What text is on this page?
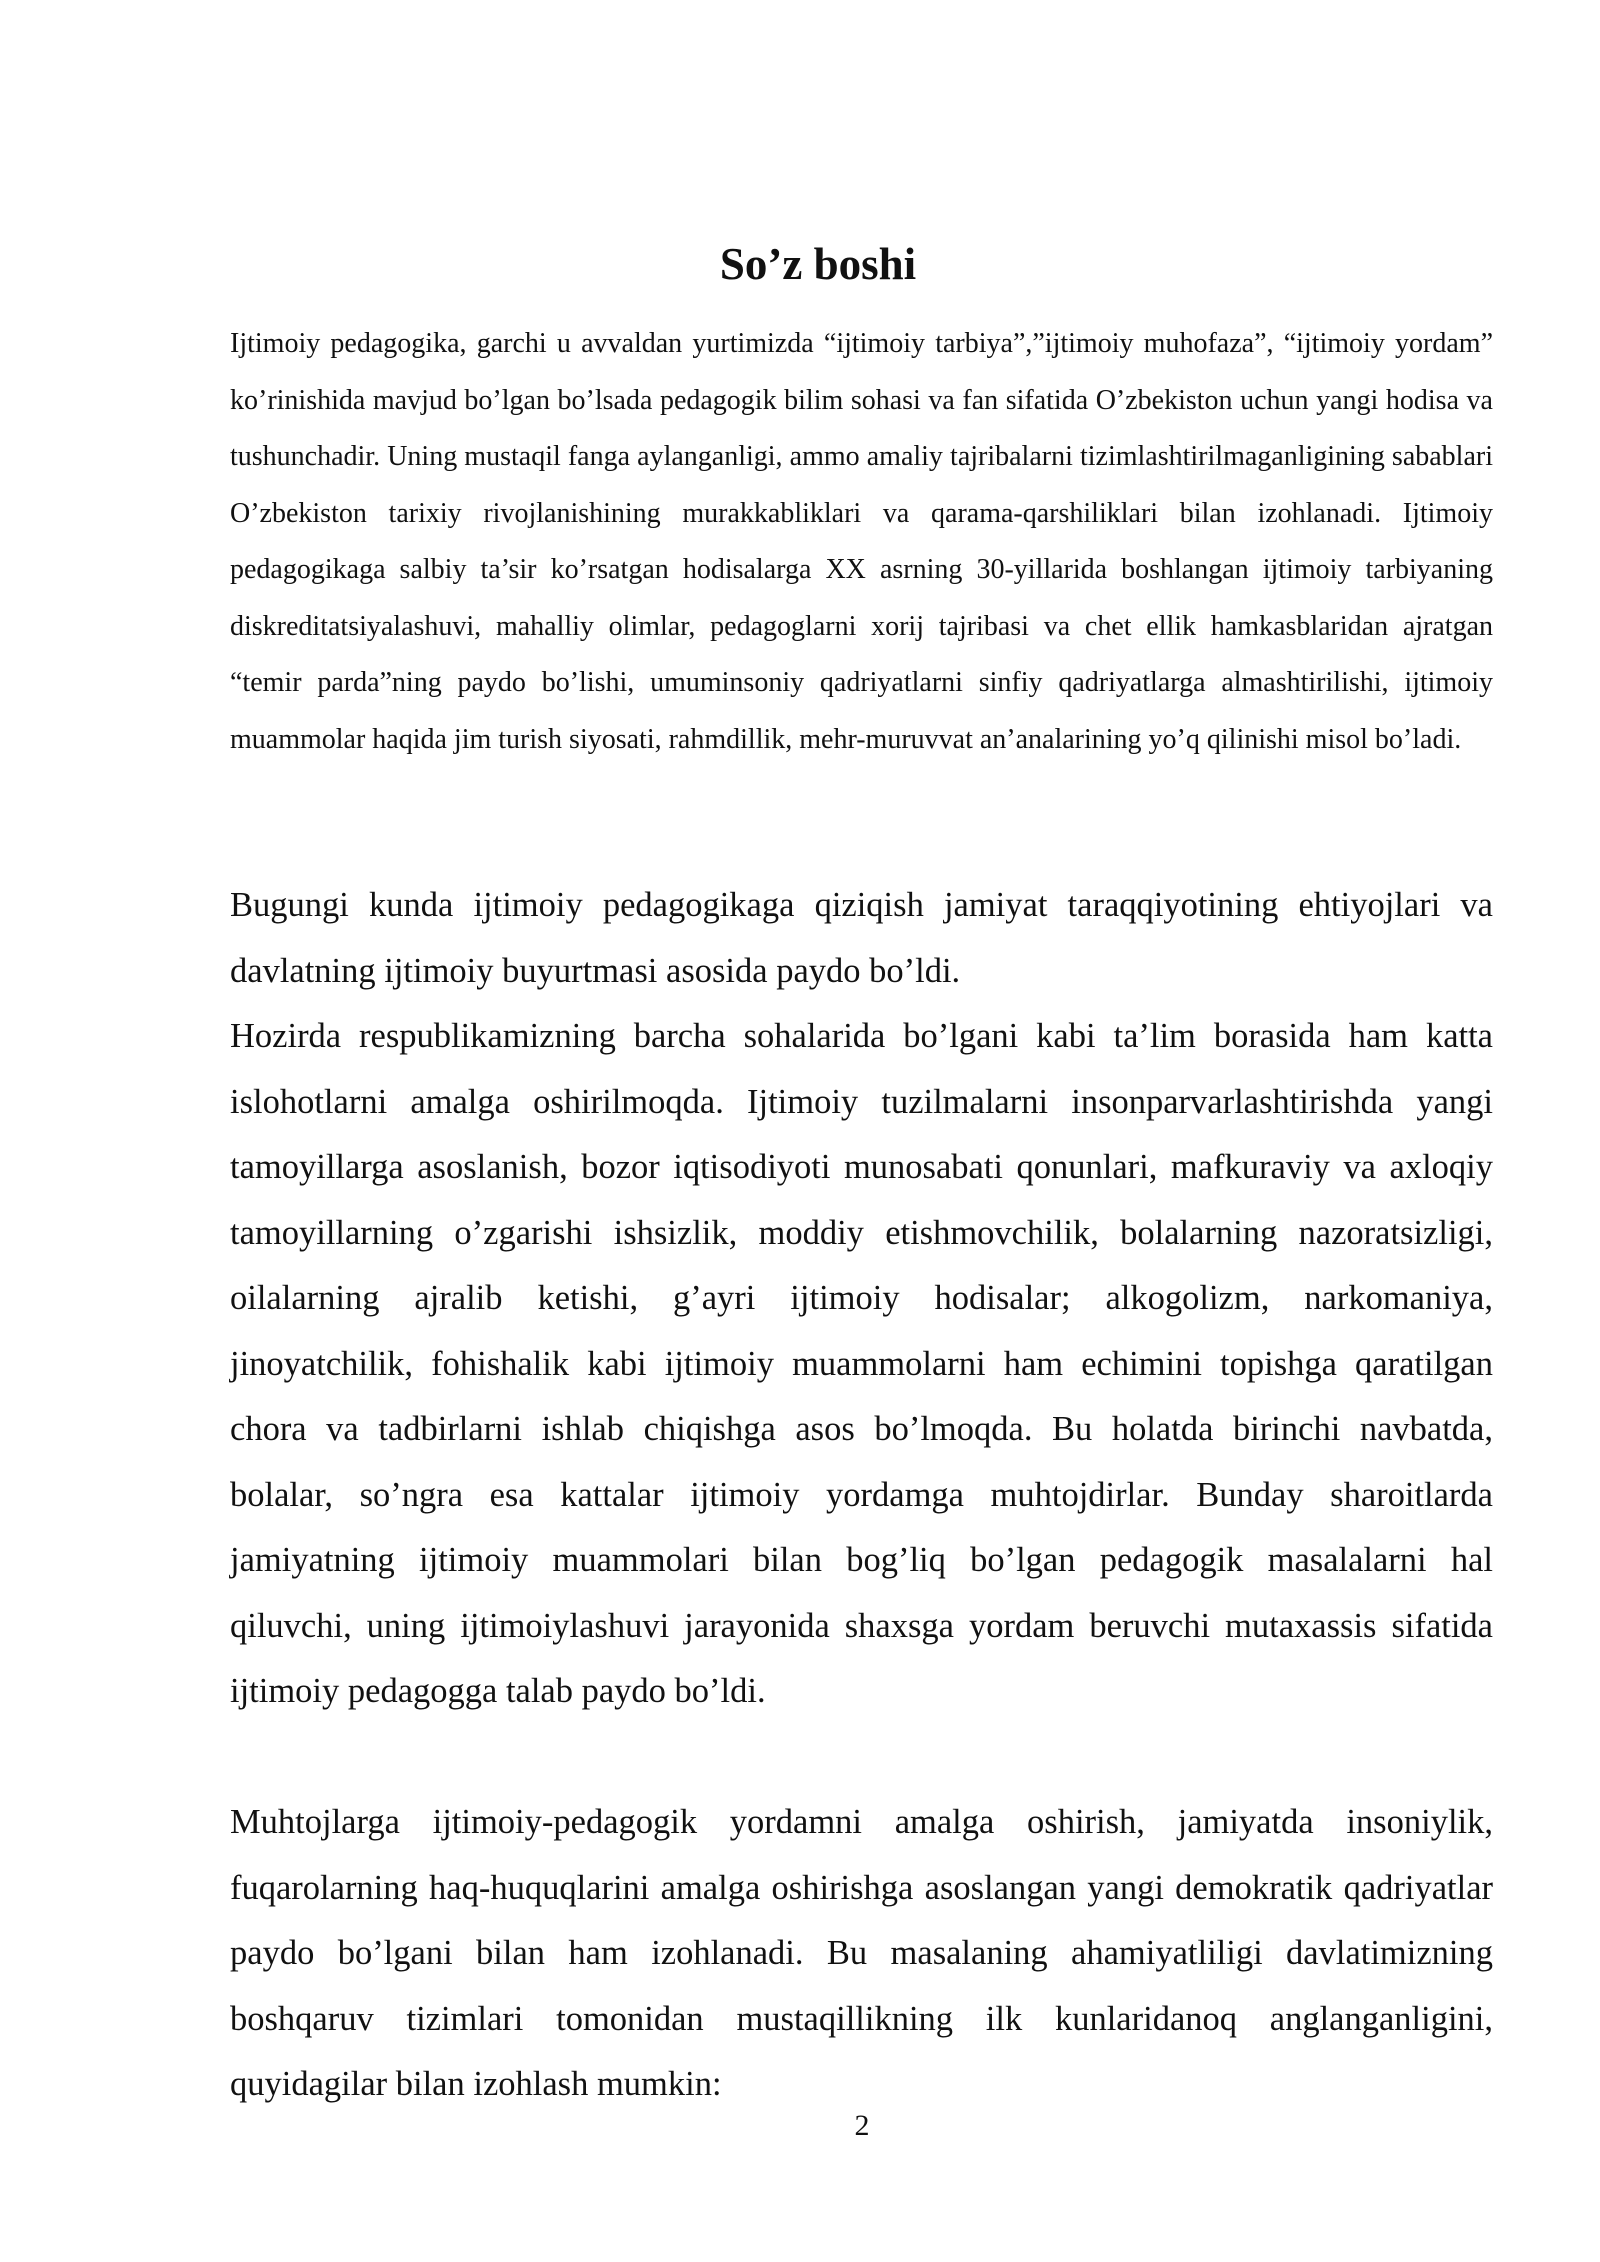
So’z boshi

Ijtimoiy pedagogika, garchi u avvaldan yurtimizda “ijtimoiy tarbiya”,”ijtimoiy muhofaza”, “ijtimoiy yordam” ko’rinishida mavjud bo’lgan bo’lsada pedagogik bilim sohasi va fan sifatida O’zbekiston uchun yangi hodisa va tushunchadir. Uning mustaqil fanga aylanganligi, ammo amaliy tajribalarni tizimlashtirilmaganligining sabablari O’zbekiston tarixiy rivojlanishining murakkabliklari va qarama-qarshiliklari bilan izohlanadi. Ijtimoiy pedagogikaga salbiy ta’sir ko’rsatgan hodisalarga XX asrning 30-yillarida boshlangan ijtimoiy tarbiyaning diskreditatsiyalashuvi, mahalliy olimlar, pedagoglarni xorij tajribasi va chet ellik hamkasblaridan ajratgan “temir parda”ning paydo bo’lishi, umuminsoniy qadriyatlarni sinfiy qadriyatlarga almashtirilishi, ijtimoiy muammolar haqida jim turish siyosati, rahmdillik, mehr-muruvvat an’analarining yo’q qilinishi misol bo’ladi.

Bugungi kunda ijtimoiy pedagogikaga qiziqish jamiyat taraqqiyotining ehtiyojlari va davlatning ijtimoiy buyurtmasi asosida paydo bo’ldi.

Hozirda respublikamizning barcha sohalarida bo’lgani kabi ta’lim borasida ham katta islohotlarni amalga oshirilmoqda. Ijtimoiy tuzilmalarni insonparvarlashtirishda yangi tamoyillarga asoslanish, bozor iqtisodiyoti munosabati qonunlari, mafkuraviy va axloqiy tamoyillarning o’zgarishi ishsizlik, moddiy etishmovchilik, bolalarning nazoratsizligi, oilalarning ajralib ketishi, g’ayri ijtimoiy hodisalar; alkogolizm, narkomaniya, jinoyatchilik, fohishalik kabi ijtimoiy muammolarni ham echimini topishga qaratilgan chora va tadbirlarni ishlab chiqishga asos bo’lmoqda. Bu holatda birinchi navbatda, bolalar, so’ngra esa kattalar ijtimoiy yordamga muhtojdirlar. Bunday sharoitlarda jamiyatning ijtimoiy muammolari bilan bog’liq bo’lgan pedagogik masalalarni hal qiluvchi, uning ijtimoiylashuvi jarayonida shaxsga yordam beruvchi mutaxassis sifatida ijtimoiy pedagogga talab paydo bo’ldi.

Muhtojlarga ijtimoiy-pedagogik yordamni amalga oshirish, jamiyatda insoniylik, fuqarolarning haq-huquqlarini amalga oshirishga asoslangan yangi demokratik qadriyatlar paydo bo’lgani bilan ham izohlanadi. Bu masalaning ahamiyatliligi davlatimizning boshqaruv tizimlari tomonidan mustaqillikning ilk kunlaridanoq anglanganligini, quyidagilar bilan izohlash mumkin:

2
